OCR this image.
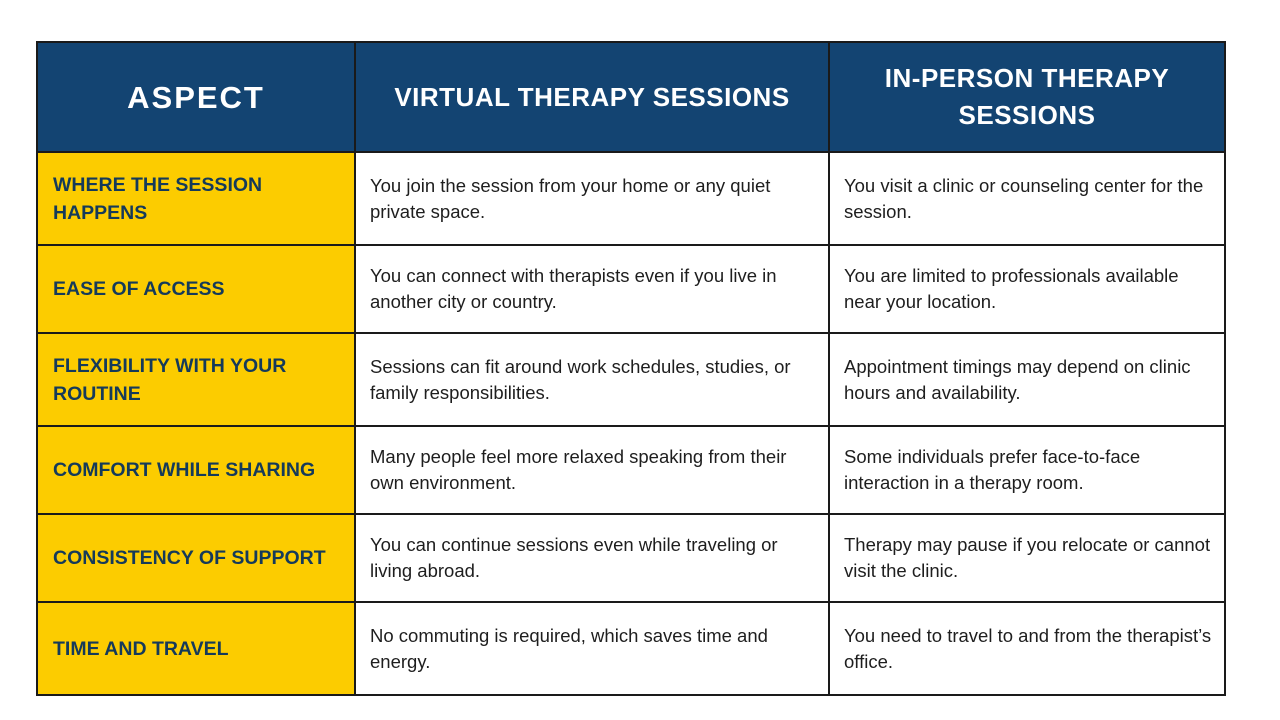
ASPECT	VIRTUAL THERAPY SESSIONS	IN-PERSON THERAPY SESSIONS
WHERE THE SESSION HAPPENS	You join the session from your home or any quiet private space.	You visit a clinic or counseling center for the session.
EASE OF ACCESS	You can connect with therapists even if you live in another city or country.	You are limited to professionals available near your location.
FLEXIBILITY WITH YOUR ROUTINE	Sessions can fit around work schedules, studies, or family responsibilities.	Appointment timings may depend on clinic hours and availability.
COMFORT WHILE SHARING	Many people feel more relaxed speaking from their own environment.	Some individuals prefer face-to-face interaction in a therapy room.
CONSISTENCY OF SUPPORT	You can continue sessions even while traveling or living abroad.	Therapy may pause if you relocate or cannot visit the clinic.
TIME AND TRAVEL	No commuting is required, which saves time and energy.	You need to travel to and from the therapist’s office.
